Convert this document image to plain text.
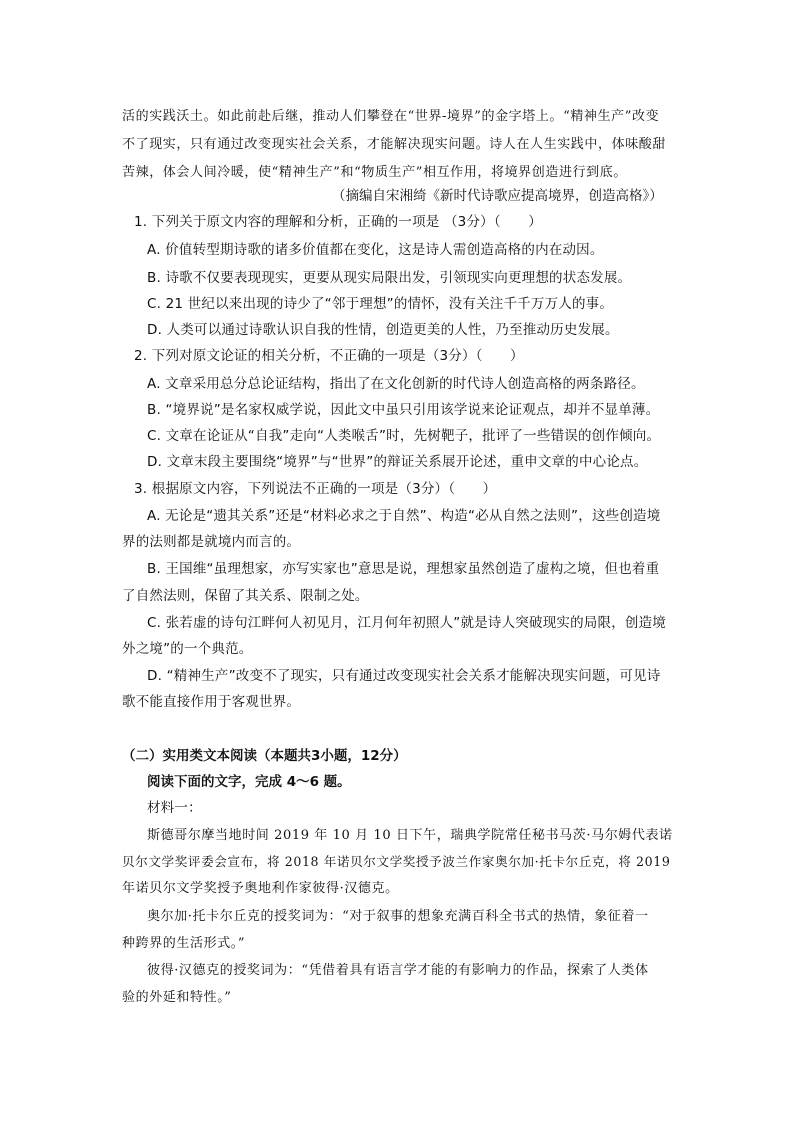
活的实践沃土。如此前赴后继，推动人们攀登在“世界-境界”的金字塔上。“精神生产”改变
不了现实，只有通过改变现实社会关系，才能解决现实问题。诗人在人生实践中，体味酸甜
苦辣，体会人间冷暖，使“精神生产”和“物质生产”相互作用，将境界创造进行到底。
（摘编自宋湘绮《新时代诗歌应提高境界，创造高格》）
1. 下列关于原文内容的理解和分析，正确的一项是 （3分）（　　）
A. 价值转型期诗歌的诸多价值都在变化，这是诗人需创造高格的内在动因。
B. 诗歌不仅要表现现实，更要从现实局限出发，引领现实向更理想的状态发展。
C. 21 世纪以来出现的诗少了“邻于理想”的情怀，没有关注千千万万人的事。
D. 人类可以通过诗歌认识自我的性情，创造更美的人性，乃至推动历史发展。
2. 下列对原文论证的相关分析，不正确的一项是（3分）（　　）
A. 文章采用总分总论证结构，指出了在文化创新的时代诗人创造高格的两条路径。
B. “境界说”是名家权威学说，因此文中虽只引用该学说来论证观点，却并不显单薄。
C. 文章在论证从“自我”走向“人类喉舌”时，先树靶子，批评了一些错误的创作倾向。
D. 文章末段主要围绕“境界”与“世界”的辩证关系展开论述，重申文章的中心论点。
3. 根据原文内容，下列说法不正确的一项是（3分）（　　）
A. 无论是“遗其关系”还是“材料必求之于自然”、构造“必从自然之法则”，这些创造境
界的法则都是就境内而言的。
B. 王国维“虽理想家，亦写实家也”意思是说，理想家虽然创造了虚构之境，但也着重
了自然法则，保留了其关系、限制之处。
C. 张若虚的诗句江畔何人初见月，江月何年初照人”就是诗人突破现实的局限，创造境
外之境”的一个典范。
D. “精神生产”改变不了现实，只有通过改变现实社会关系才能解决现实问题，可见诗
歌不能直接作用于客观世界。
（二）实用类文本阅读（本题共3小题，12分）
阅读下面的文字，完成 4～6 题。
材料一：
斯德哥尔摩当地时间 2019 年 10 月 10 日下午，瑞典学院常任秘书马茨·马尔姆代表诺
贝尔文学奖评委会宣布，将 2018 年诺贝尔文学奖授予波兰作家奥尔加·托卡尔丘克，将 2019
年诺贝尔文学奖授予奥地利作家彼得·汉德克。
奥尔加·托卡尔丘克的授奖词为：“对于叙事的想象充满百科全书式的热情，象征着一
种跨界的生活形式。”
彼得·汉德克的授奖词为：“凭借着具有语言学才能的有影响力的作品，探索了人类体
验的外延和特性。”
